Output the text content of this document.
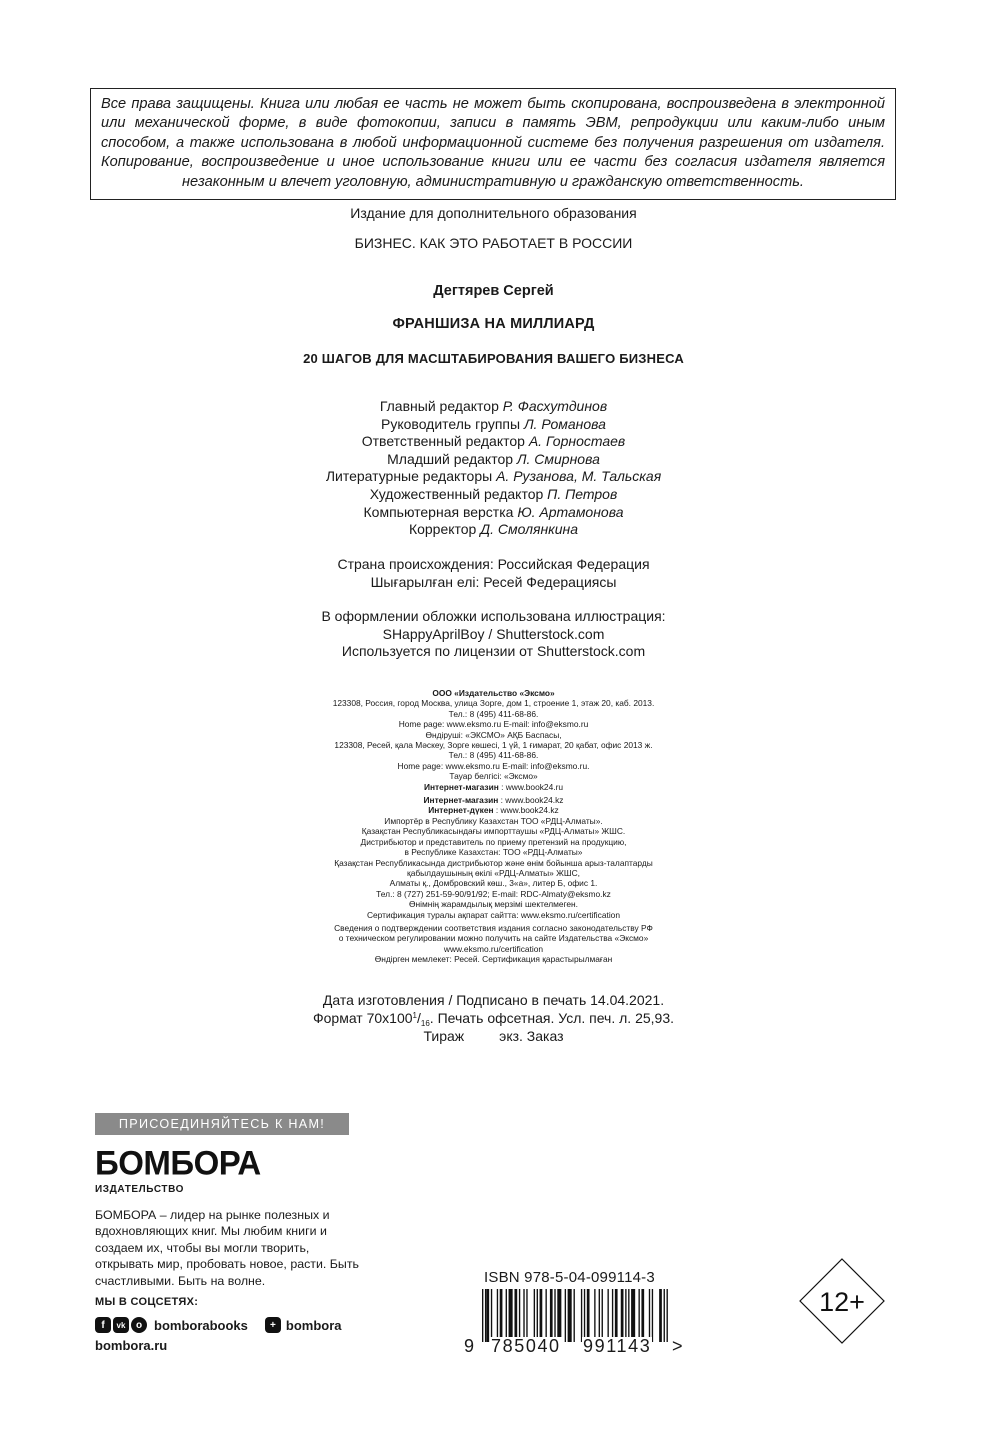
Все права защищены. Книга или любая ее часть не может быть скопирована, воспроизведена в электронной или механической форме, в виде фотокопии, записи в память ЭВМ, репродукции или каким-либо иным способом, а также использована в любой информационной системе без получения разрешения от издателя. Копирование, воспроизведение и иное использование книги или ее части без согласия издателя является незаконным и влечет уголовную, административную и гражданскую ответственность.
Издание для дополнительного образования
БИЗНЕС. КАК ЭТО РАБОТАЕТ В РОССИИ
Дегтярев Сергей
ФРАНШИЗА НА МИЛЛИАРД
20 ШАГОВ ДЛЯ МАСШТАБИРОВАНИЯ ВАШЕГО БИЗНЕСА
Главный редактор Р. Фасхутдинов
Руководитель группы Л. Романова
Ответственный редактор А. Горностаев
Младший редактор Л. Смирнова
Литературные редакторы А. Рузанова, М. Тальская
Художественный редактор П. Петров
Компьютерная верстка Ю. Артамонова
Корректор Д. Смолянкина
Страна происхождения: Российская Федерация
Шығарылған елі: Ресей Федерациясы
В оформлении обложки использована иллюстрация:
SHappyAprilBoy / Shutterstock.com
Используется по лицензии от Shutterstock.com
ООО «Издательство «Эксмо»
123308, Россия, город Москва, улица Зорге, дом 1, строение 1, этаж 20, каб. 2013.
Тел.: 8 (495) 411-68-86.
Home page: www.eksmo.ru E-mail: info@eksmo.ru
Өндіруші: «ЭКСМО» АҚБ Баспасы,
123308, Ресей, қала Мәскеу, Зорге көшесі, 1 үй, 1 ғимарат, 20 қабат, офис 2013 ж.
Тел.: 8 (495) 411-68-86.
Home page: www.eksmo.ru E-mail: info@eksmo.ru.
Тауар белгісі: «Эксмо»
Интернет-магазин : www.book24.ru
Интернет-магазин : www.book24.kz
Интернет-дүкен : www.book24.kz
Импортёр в Республику Казахстан ТОО «РДЦ-Алматы».
Қазақстан Республикасындағы импорттаушы «РДЦ-Алматы» ЖШС.
Дистрибьютор и представитель по приему претензий на продукцию,
в Республике Казахстан: ТОО «РДЦ-Алматы»
Қазақстан Республикасында дистрибьютор және өнім бойынша арыз-талаптарды
қабылдаушының өкілі «РДЦ-Алматы» ЖШС,
Алматы қ., Домбровский көш., 3«а», литер Б, офис 1.
Тел.: 8 (727) 251-59-90/91/92; E-mail: RDC-Almaty@eksmo.kz
Өнімнің жарамдылық мерзімі шектелмеген.
Сертификация туралы ақпарат сайтта: www.eksmo.ru/certification
Сведения о подтверждении соответствия издания согласно законодательству РФ
о техническом регулировании можно получить на сайте Издательства «Эксмо»
www.eksmo.ru/certification
Өндірген мемлекет: Ресей. Сертификация қарастырылмаған
Дата изготовления / Подписано в печать 14.04.2021.
Формат $70x100^1/_{16}$. Печать офсетная. Усл. печ. л. 25,93.
Тираж         экз. Заказ
ПРИСОЕДИНЯЙТЕСЬ К НАМ!
БОМБОРА
ИЗДАТЕЛЬСТВО
БОМБОРА – лидер на рынке полезных и вдохновляющих книг. Мы любим книги и создаем их, чтобы вы могли творить, открывать мир, пробовать новое, расти. Быть счастливыми. Быть на волне.
МЫ В СОЦСЕТЯХ:
f	vk	o bomborabooks	+ bombora
bombora.ru
ISBN 978-5-04-099114-3
9 785040 991143 >
12+
